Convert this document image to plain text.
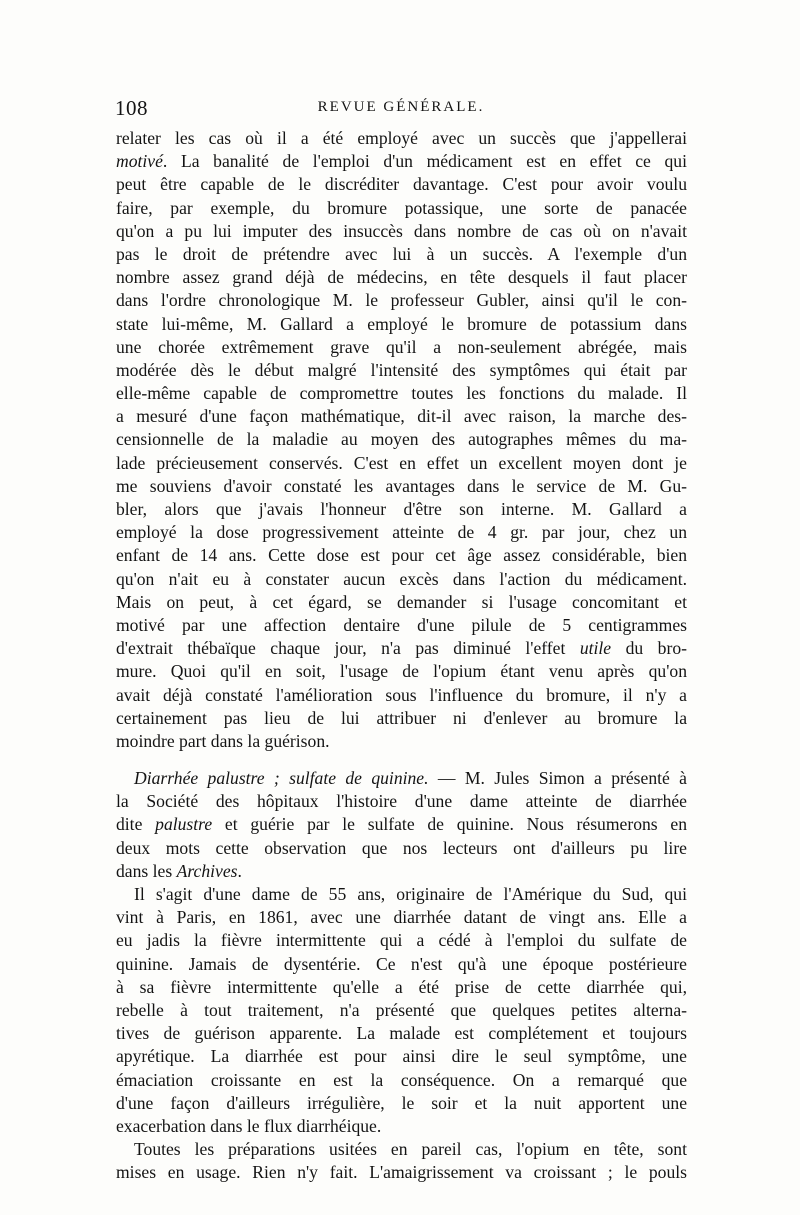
108	REVUE GÉNÉRALE.
relater les cas où il a été employé avec un succès que j'appellerai
motivé. La banalité de l'emploi d'un médicament est en effet ce qui
peut être capable de le discréditer davantage. C'est pour avoir voulu
faire, par exemple, du bromure potassique, une sorte de panacée
qu'on a pu lui imputer des insuccès dans nombre de cas où on n'avait
pas le droit de prétendre avec lui à un succès. A l'exemple d'un
nombre assez grand déjà de médecins, en tête desquels il faut placer
dans l'ordre chronologique M. le professeur Gubler, ainsi qu'il le con-
state lui-même, M. Gallard a employé le bromure de potassium dans
une chorée extrêmement grave qu'il a non-seulement abrégée, mais
modérée dès le début malgré l'intensité des symptômes qui était par
elle-même capable de compromettre toutes les fonctions du malade. Il
a mesuré d'une façon mathématique, dit-il avec raison, la marche des-
censionnelle de la maladie au moyen des autographes mêmes du ma-
lade précieusement conservés. C'est en effet un excellent moyen dont je
me souviens d'avoir constaté les avantages dans le service de M. Gu-
bler, alors que j'avais l'honneur d'être son interne. M. Gallard a
employé la dose progressivement atteinte de 4 gr. par jour, chez un
enfant de 14 ans. Cette dose est pour cet âge assez considérable, bien
qu'on n'ait eu à constater aucun excès dans l'action du médicament.
Mais on peut, à cet égard, se demander si l'usage concomitant et
motivé par une affection dentaire d'une pilule de 5 centigrammes
d'extrait thébaïque chaque jour, n'a pas diminué l'effet utile du bro-
mure. Quoi qu'il en soit, l'usage de l'opium étant venu après qu'on
avait déjà constaté l'amélioration sous l'influence du bromure, il n'y a
certainement pas lieu de lui attribuer ni d'enlever au bromure la
moindre part dans la guérison.
Diarrhée palustre ; sulfate de quinine. — M. Jules Simon a présenté à
la Société des hôpitaux l'histoire d'une dame atteinte de diarrhée
dite palustre et guérie par le sulfate de quinine. Nous résumerons en
deux mots cette observation que nos lecteurs ont d'ailleurs pu lire
dans les Archives.
Il s'agit d'une dame de 55 ans, originaire de l'Amérique du Sud, qui
vint à Paris, en 1861, avec une diarrhée datant de vingt ans. Elle a
eu jadis la fièvre intermittente qui a cédé à l'emploi du sulfate de
quinine. Jamais de dysentérie. Ce n'est qu'à une époque postérieure
à sa fièvre intermittente qu'elle a été prise de cette diarrhée qui,
rebelle à tout traitement, n'a présenté que quelques petites alterna-
tives de guérison apparente. La malade est complétement et toujours
apyrétique. La diarrhée est pour ainsi dire le seul symptôme, une
émaciation croissante en est la conséquence. On a remarqué que
d'une façon d'ailleurs irrégulière, le soir et la nuit apportent une
exacerbation dans le flux diarrhéique.
Toutes les préparations usitées en pareil cas, l'opium en tête, sont
mises en usage. Rien n'y fait. L'amaigrissement va croissant ; le pouls
